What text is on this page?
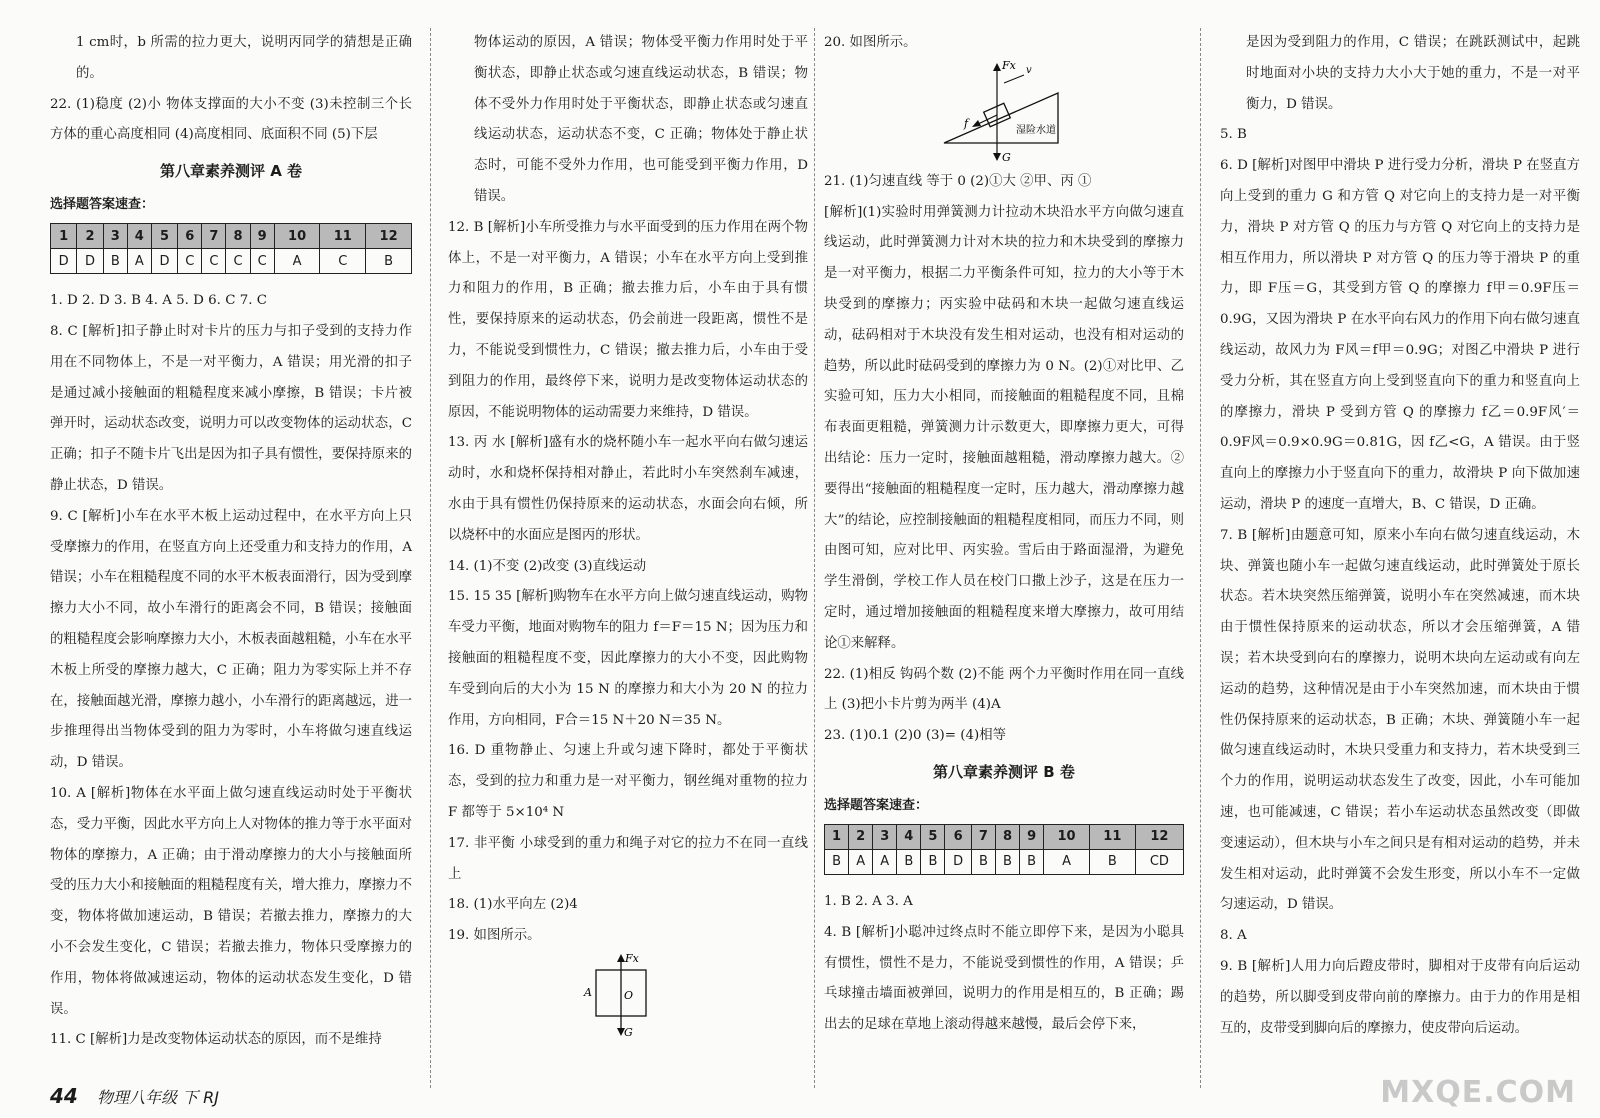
1 cm时，b 所需的拉力更大，说明丙同学的猜想是正确的。

22. (1)稳度 (2)小 物体支撑面的大小不变 (3)未控制三个长方体的重心高度相同 (4)高度相同、底面积不同 (5)下层

第八章素养测评 A 卷
选择题答案速查：
1	2	3	4	5	6	7	8	9	10	11	12
D	D	B	A	D	C	C	C	C	A	C	B

1. D 2. D 3. B 4. A 5. D 6. C 7. C

8. C [解析]扣子静止时对卡片的压力与扣子受到的支持力作用在不同物体上，不是一对平衡力，A 错误；用光滑的扣子是通过减小接触面的粗糙程度来减小摩擦，B 错误；卡片被弹开时，运动状态改变，说明力可以改变物体的运动状态，C 正确；扣子不随卡片飞出是因为扣子具有惯性，要保持原来的静止状态，D 错误。

9. C [解析]小车在水平木板上运动过程中，在水平方向上只受摩擦力的作用，在竖直方向上还受重力和支持力的作用，A 错误；小车在粗糙程度不同的水平木板表面滑行，因为受到摩擦力大小不同，故小车滑行的距离会不同，B 错误；接触面的粗糙程度会影响摩擦力大小，木板表面越粗糙，小车在水平木板上所受的摩擦力越大，C 正确；阻力为零实际上并不存在，接触面越光滑，摩擦力越小，小车滑行的距离越远，进一步推理得出当物体受到的阻力为零时，小车将做匀速直线运动，D 错误。

10. A [解析]物体在水平面上做匀速直线运动时处于平衡状态，受力平衡，因此水平方向上人对物体的推力等于水平面对物体的摩擦力，A 正确；由于滑动摩擦力的大小与接触面所受的压力大小和接触面的粗糙程度有关，增大推力，摩擦力不变，物体将做加速运动，B 错误；若撤去推力，摩擦力的大小不会发生变化，C 错误；若撤去推力，物体只受摩擦力的作用，物体将做减速运动，物体的运动状态发生变化，D 错误。

11. C [解析]力是改变物体运动状态的原因，而不是维持

物体运动的原因，A 错误；物体受平衡力作用时处于平衡状态，即静止状态或匀速直线运动状态，B 错误；物体不受外力作用时处于平衡状态，即静止状态或匀速直线运动状态，运动状态不变，C 正确；物体处于静止状态时，可能不受外力作用，也可能受到平衡力作用，D 错误。

12. B [解析]小车所受推力与水平面受到的压力作用在两个物体上，不是一对平衡力，A 错误；小车在水平方向上受到推力和阻力的作用，B 正确；撤去推力后，小车由于具有惯性，要保持原来的运动状态，仍会前进一段距离，惯性不是力，不能说受到惯性力，C 错误；撤去推力后，小车由于受到阻力的作用，最终停下来，说明力是改变物体运动状态的原因，不能说明物体的运动需要力来维持，D 错误。

13. 丙 水 [解析]盛有水的烧杯随小车一起水平向右做匀速运动时，水和烧杯保持相对静止，若此时小车突然刹车减速，水由于具有惯性仍保持原来的运动状态，水面会向右倾，所以烧杯中的水面应是图丙的形状。

14. (1)不变 (2)改变 (3)直线运动

15. 15 35 [解析]购物车在水平方向上做匀速直线运动，购物车受力平衡，地面对购物车的阻力 f＝F＝15 N；因为压力和接触面的粗糙程度不变，因此摩擦力的大小不变，因此购物车受到向后的大小为 15 N 的摩擦力和大小为 20 N 的拉力作用，方向相同，F合＝15 N＋20 N＝35 N。

16. D 重物静止、匀速上升或匀速下降时，都处于平衡状态，受到的拉力和重力是一对平衡力，钢丝绳对重物的拉力 F 都等于 5×10⁴ N

17. 非平衡 小球受到的重力和绳子对它的拉力不在同一直线上

18. (1)水平向左 (2)4

19. 如图所示。

Fx
A	O
G

20. 如图所示。

Fx v
f
G
湿险水道

21. (1)匀速直线 等于 0 (2)①大 ②甲、丙 ①

[解析](1)实验时用弹簧测力计拉动木块沿水平方向做匀速直线运动，此时弹簧测力计对木块的拉力和木块受到的摩擦力是一对平衡力，根据二力平衡条件可知，拉力的大小等于木块受到的摩擦力；丙实验中砝码和木块一起做匀速直线运动，砝码相对于木块没有发生相对运动，也没有相对运动的趋势，所以此时砝码受到的摩擦力为 0 N。(2)①对比甲、乙实验可知，压力大小相同，而接触面的粗糙程度不同，且棉布表面更粗糙，弹簧测力计示数更大，即摩擦力更大，可得出结论：压力一定时，接触面越粗糙，滑动摩擦力越大。②要得出“接触面的粗糙程度一定时，压力越大，滑动摩擦力越大”的结论，应控制接触面的粗糙程度相同，而压力不同，则由图可知，应对比甲、丙实验。雪后由于路面湿滑，为避免学生滑倒，学校工作人员在校门口撒上沙子，这是在压力一定时，通过增加接触面的粗糙程度来增大摩擦力，故可用结论①来解释。

22. (1)相反 钩码个数 (2)不能 两个力平衡时作用在同一直线上 (3)把小卡片剪为两半 (4)A

23. (1)0.1 (2)0 (3)= (4)相等

第八章素养测评 B 卷
选择题答案速查：
1	2	3	4	5	6	7	8	9	10	11	12
B	A	A	B	B	D	B	B	B	A	B	CD

1. B 2. A 3. A

4. B [解析]小聪冲过终点时不能立即停下来，是因为小聪具有惯性，惯性不是力，不能说受到惯性的作用，A 错误；乒乓球撞击墙面被弹回，说明力的作用是相互的，B 正确；踢出去的足球在草地上滚动得越来越慢，最后会停下来，

是因为受到阻力的作用，C 错误；在跳跃测试中，起跳时地面对小块的支持力大小大于她的重力，不是一对平衡力，D 错误。

5. B

6. D [解析]对图甲中滑块 P 进行受力分析，滑块 P 在竖直方向上受到的重力 G 和方管 Q 对它向上的支持力是一对平衡力，滑块 P 对方管 Q 的压力与方管 Q 对它向上的支持力是相互作用力，所以滑块 P 对方管 Q 的压力等于滑块 P 的重力，即 F压＝G，其受到方管 Q 的摩擦力 f甲＝0.9F压＝0.9G，又因为滑块 P 在水平向右风力的作用下向右做匀速直线运动，故风力为 F风＝f甲＝0.9G；对图乙中滑块 P 进行受力分析，其在竖直方向上受到竖直向下的重力和竖直向上的摩擦力，滑块 P 受到方管 Q 的摩擦力 f乙＝0.9F风′＝0.9F风＝0.9×0.9G＝0.81G，因 f乙<G，A 错误。由于竖直向上的摩擦力小于竖直向下的重力，故滑块 P 向下做加速运动，滑块 P 的速度一直增大，B、C 错误，D 正确。

7. B [解析]由题意可知，原来小车向右做匀速直线运动，木块、弹簧也随小车一起做匀速直线运动，此时弹簧处于原长状态。若木块突然压缩弹簧，说明小车在突然减速，而木块由于惯性保持原来的运动状态，所以才会压缩弹簧，A 错误；若木块受到向右的摩擦力，说明木块向左运动或有向左运动的趋势，这种情况是由于小车突然加速，而木块由于惯性仍保持原来的运动状态，B 正确；木块、弹簧随小车一起做匀速直线运动时，木块只受重力和支持力，若木块受到三个力的作用，说明运动状态发生了改变，因此，小车可能加速，也可能减速，C 错误；若小车运动状态虽然改变（即做变速运动），但木块与小车之间只是有相对运动的趋势，并未发生相对运动，此时弹簧不会发生形变，所以小车不一定做匀速运动，D 错误。

8. A

9. B [解析]人用力向后蹬皮带时，脚相对于皮带有向后运动的趋势，所以脚受到皮带向前的摩擦力。由于力的作用是相互的，皮带受到脚向后的摩擦力，使皮带向后运动。

44 物理八年级 下 RJ	MXQE.COM
